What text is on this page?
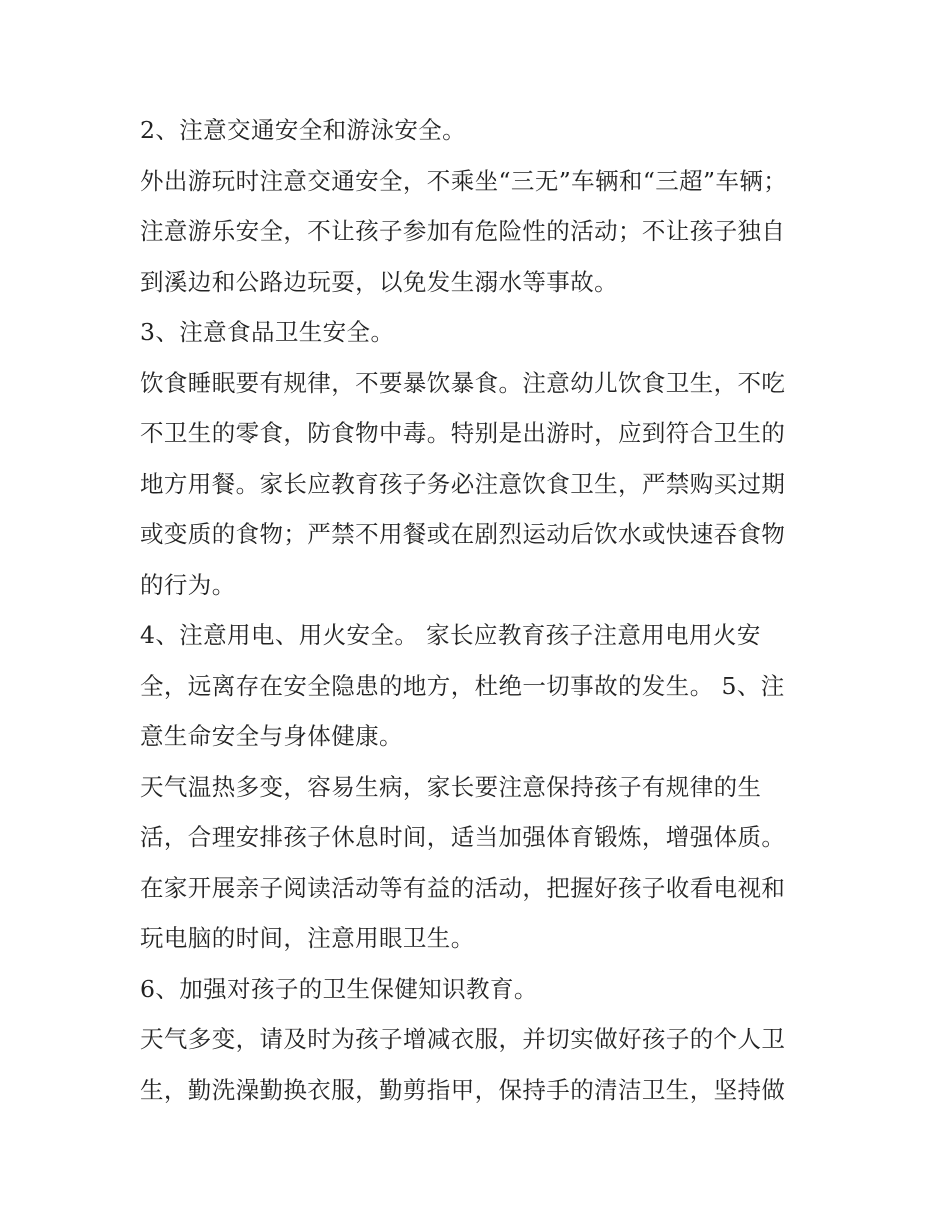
2、注意交通安全和游泳安全。
外出游玩时注意交通安全，不乘坐“三无”车辆和“三超”车辆；
注意游乐安全，不让孩子参加有危险性的活动；不让孩子独自
到溪边和公路边玩耍，以免发生溺水等事故。
3、注意食品卫生安全。
饮食睡眠要有规律，不要暴饮暴食。注意幼儿饮食卫生，不吃
不卫生的零食，防食物中毒。特别是出游时，应到符合卫生的
地方用餐。家长应教育孩子务必注意饮食卫生，严禁购买过期
或变质的食物；严禁不用餐或在剧烈运动后饮水或快速吞食物
的行为。
4、注意用电、用火安全。 家长应教育孩子注意用电用火安
全，远离存在安全隐患的地方，杜绝一切事故的发生。 5、注
意生命安全与身体健康。
天气温热多变，容易生病，家长要注意保持孩子有规律的生
活，合理安排孩子休息时间，适当加强体育锻炼，增强体质。
在家开展亲子阅读活动等有益的活动，把握好孩子收看电视和
玩电脑的时间，注意用眼卫生。
6、加强对孩子的卫生保健知识教育。
天气多变，请及时为孩子增减衣服，并切实做好孩子的个人卫
生，勤洗澡勤换衣服，勤剪指甲，保持手的清洁卫生，坚持做
